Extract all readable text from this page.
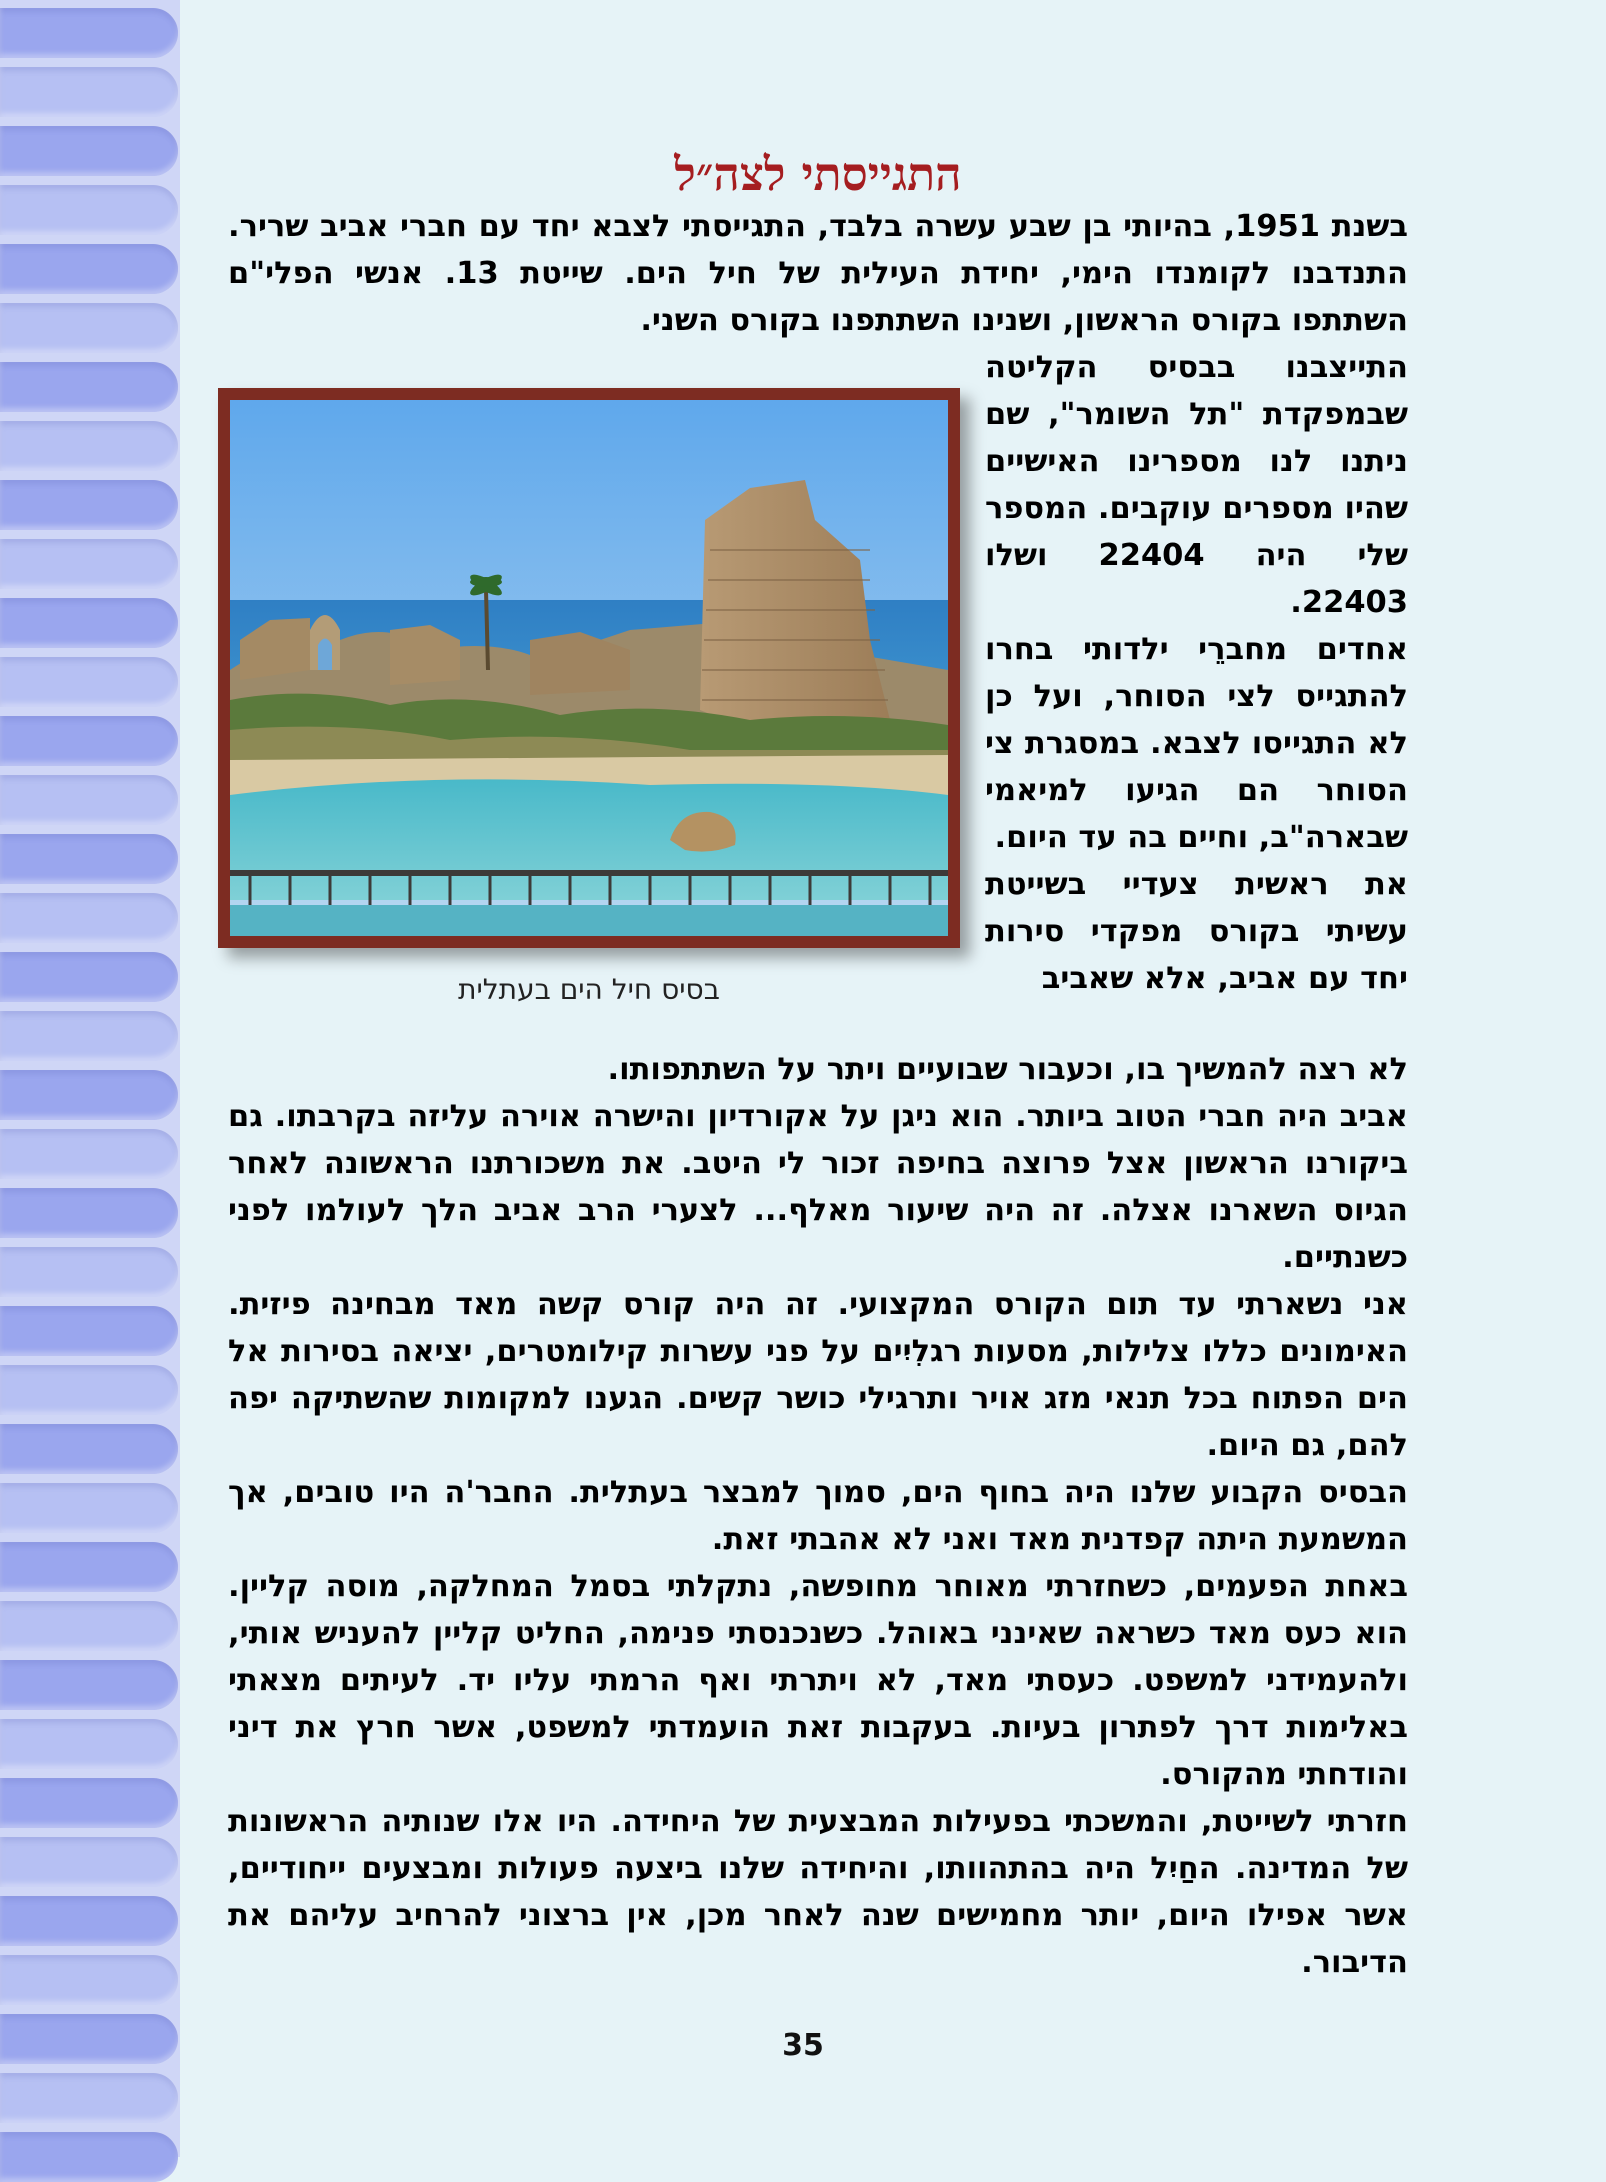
התגייסתי לצה״ל

בשנת 1951, בהיותי בן שבע עשרה בלבד, התגייסתי לצבא יחד עם חברי אביב שריר. התנדבנו לקומנדו הימי, יחידת העילית של חיל הים. שייטת 13. אנשי הפלי"ם השתתפו בקורס הראשון, ושנינו השתתפנו בקורס השני.

התייצבנו בבסיס הקליטה שבמפקדת "תל השומר", שם ניתנו לנו מספרינו האישיים שהיו מספרים עוקבים. המספר שלי היה 22404 ושלו 22403.

אחדים מחברֵי ילדותי בחרו להתגייס לצי הסוחר, ועל כן לא התגייסו לצבא. במסגרת צי הסוחר הם הגיעו למיאמי שבארה"ב, וחיים בה עד היום.

את ראשית צעדיי בשייטת עשיתי בקורס מפקדי סירות יחד עם אביב, אלא שאביב

בסיס חיל הים בעתלית

לא רצה להמשיך בו, וכעבור שבועיים ויתר על השתתפותו.

אביב היה חברי הטוב ביותר. הוא ניגן על אקורדיון והישרה אוירה עליזה בקרבתו. גם ביקורנו הראשון אצל פרוצה בחיפה זכור לי היטב. את משכורתנו הראשונה לאחר הגיוס השארנו אצלה. זה היה שיעור מאלף... לצערי הרב אביב הלך לעולמו לפני כשנתיים.

אני נשארתי עד תום הקורס המקצועי. זה היה קורס קשה מאד מבחינה פיזית. האימונים כללו צלילות, מסעות רגלִיִים על פני עשרות קילומטרים, יציאה בסירות אל הים הפתוח בכל תנאי מזג אויר ותרגילי כושר קשים. הגענו למקומות שהשתיקה יפה להם, גם היום.

הבסיס הקבוע שלנו היה בחוף הים, סמוך למבצר בעתלית. החבר'ה היו טובים, אך המשמעת היתה קפדנית מאד ואני לא אהבתי זאת.

באחת הפעמים, כשחזרתי מאוחר מחופשה, נתקלתי בסמל המחלקה, מוסה קליין. הוא כעס מאד כשראה שאינני באוהל. כשנכנסתי פנימה, החליט קליין להעניש אותי, ולהעמידני למשפט. כעסתי מאד, לא ויתרתי ואף הרמתי עליו יד. לעיתים מצאתי באלימות דרך לפתרון בעיות. בעקבות זאת הועמדתי למשפט, אשר חרץ את דיני והודחתי מהקורס.

חזרתי לשייטת, והמשכתי בפעילות המבצעית של היחידה. היו אלו שנותיה הראשונות של המדינה. החַיִל היה בהתהוותו, והיחידה שלנו ביצעה פעולות ומבצעים ייחודיים, אשר אפילו היום, יותר מחמישים שנה לאחר מכן, אין ברצוני להרחיב עליהם את הדיבור.

35
